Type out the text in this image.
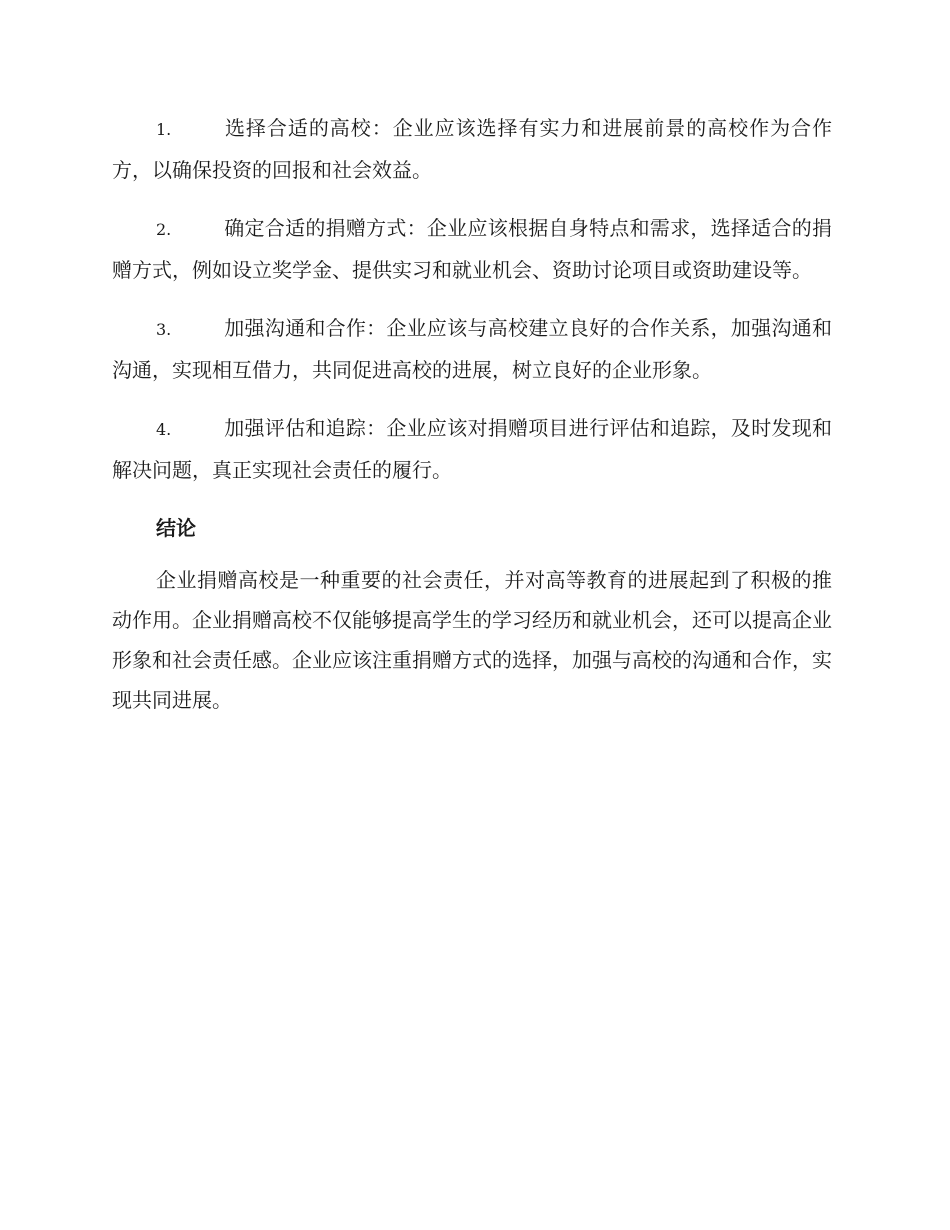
1.	选择合适的高校：企业应该选择有实力和进展前景的高校作为合作方，以确保投资的回报和社会效益。

2.	确定合适的捐赠方式：企业应该根据自身特点和需求，选择适合的捐赠方式，例如设立奖学金、提供实习和就业机会、资助讨论项目或资助建设等。

3.	加强沟通和合作：企业应该与高校建立良好的合作关系，加强沟通和沟通，实现相互借力，共同促进高校的进展，树立良好的企业形象。

4.	加强评估和追踪：企业应该对捐赠项目进行评估和追踪，及时发现和解决问题，真正实现社会责任的履行。

结论

企业捐赠高校是一种重要的社会责任，并对高等教育的进展起到了积极的推动作用。企业捐赠高校不仅能够提高学生的学习经历和就业机会，还可以提高企业形象和社会责任感。企业应该注重捐赠方式的选择，加强与高校的沟通和合作，实现共同进展。
